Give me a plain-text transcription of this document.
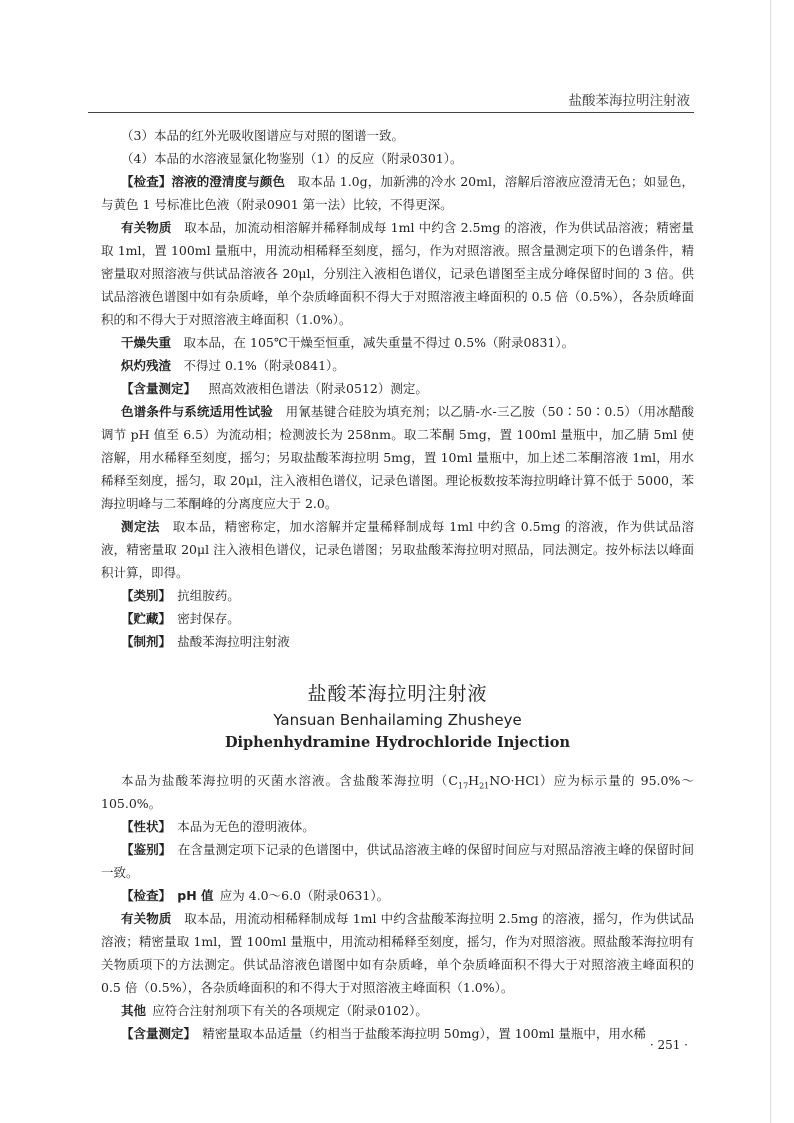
盐酸苯海拉明注射液

（3）本品的红外光吸收图谱应与对照的图谱一致。

（4）本品的水溶液显氯化物鉴别（1）的反应（附录0301）。

【检查】溶液的澄清度与颜色  取本品 1.0g，加新沸的冷水 20ml，溶解后溶液应澄清无色；如显色，与黄色 1 号标准比色液（附录0901 第一法）比较，不得更深。

有关物质  取本品，加流动相溶解并稀释制成每 1ml 中约含 2.5mg 的溶液，作为供试品溶液；精密量取 1ml，置 100ml 量瓶中，用流动相稀释至刻度，摇匀，作为对照溶液。照含量测定项下的色谱条件，精密量取对照溶液与供试品溶液各 20μl，分别注入液相色谱仪，记录色谱图至主成分峰保留时间的 3 倍。供试品溶液色谱图中如有杂质峰，单个杂质峰面积不得大于对照溶液主峰面积的 0.5 倍（0.5%），各杂质峰面积的和不得大于对照溶液主峰面积（1.0%）。

干燥失重  取本品，在 105℃干燥至恒重，减失重量不得过 0.5%（附录0831）。

炽灼残渣  不得过 0.1%（附录0841）。

【含量测定】  照高效液相色谱法（附录0512）测定。

色谱条件与系统适用性试验  用氰基键合硅胶为填充剂；以乙腈-水-三乙胺（50∶50∶0.5）（用冰醋酸调节 pH 值至 6.5）为流动相；检测波长为 258nm。取二苯酮 5mg，置 100ml 量瓶中，加乙腈 5ml 使溶解，用水稀释至刻度，摇匀；另取盐酸苯海拉明 5mg，置 10ml 量瓶中，加上述二苯酮溶液 1ml，用水稀释至刻度，摇匀，取 20μl，注入液相色谱仪，记录色谱图。理论板数按苯海拉明峰计算不低于 5000，苯海拉明峰与二苯酮峰的分离度应大于 2.0。

测定法  取本品，精密称定，加水溶解并定量稀释制成每 1ml 中约含 0.5mg 的溶液，作为供试品溶液，精密量取 20μl 注入液相色谱仪，记录色谱图；另取盐酸苯海拉明对照品，同法测定。按外标法以峰面积计算，即得。

【类别】  抗组胺药。

【贮藏】  密封保存。

【制剂】  盐酸苯海拉明注射液

盐酸苯海拉明注射液
Yansuan Benhailaming Zhusheye
Diphenhydramine Hydrochloride Injection

本品为盐酸苯海拉明的灭菌水溶液。含盐酸苯海拉明$(C_{17}H_{21}NO\cdot HCl)$应为标示量的 95.0%～105.0%。

【性状】  本品为无色的澄明液体。

【鉴别】  在含量测定项下记录的色谱图中，供试品溶液主峰的保留时间应与对照品溶液主峰的保留时间一致。

【检查】  pH 值  应为 4.0～6.0（附录0631）。

有关物质  取本品，用流动相稀释制成每 1ml 中约含盐酸苯海拉明 2.5mg 的溶液，摇匀，作为供试品溶液；精密量取 1ml，置 100ml 量瓶中，用流动相稀释至刻度，摇匀，作为对照溶液。照盐酸苯海拉明有关物质项下的方法测定。供试品溶液色谱图中如有杂质峰，单个杂质峰面积不得大于对照溶液主峰面积的 0.5 倍（0.5%），各杂质峰面积的和不得大于对照溶液主峰面积（1.0%）。

其他  应符合注射剂项下有关的各项规定（附录0102）。

【含量测定】  精密量取本品适量（约相当于盐酸苯海拉明 50mg），置 100ml 量瓶中，用水稀

· 251 ·
